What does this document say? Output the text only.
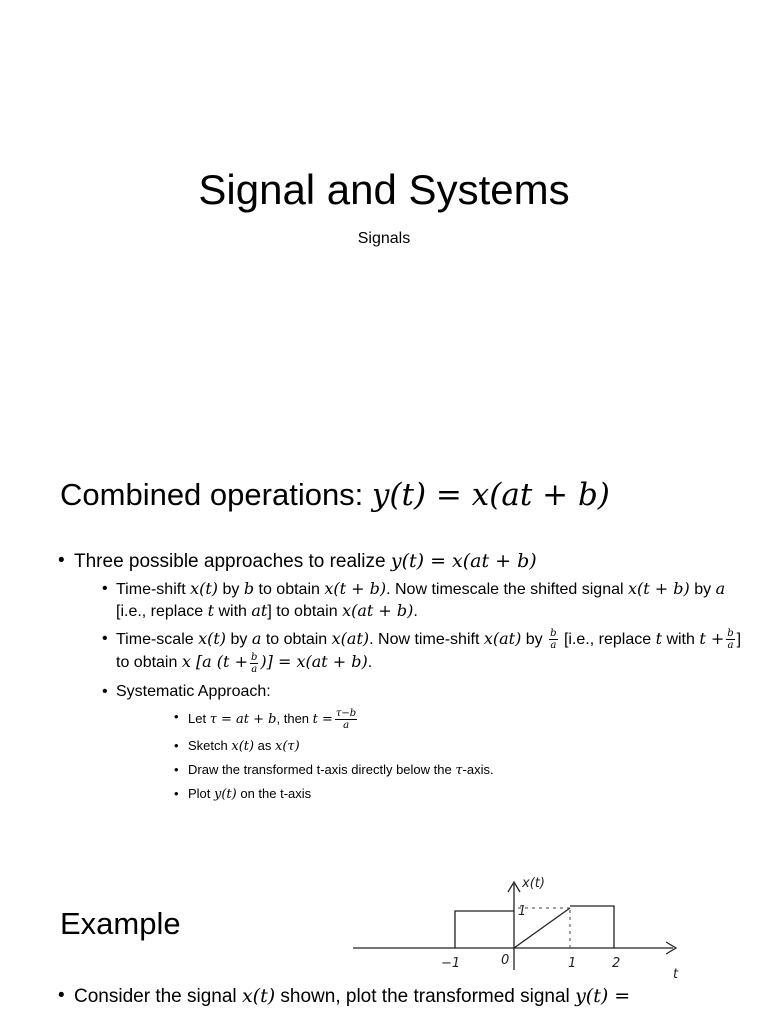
Signal and Systems
Signals
Combined operations: y(t) = x(at + b)
• Three possible approaches to realize y(t) = x(at + b)
• Time-shift x(t) by b to obtain x(t + b). Now timescale the shifted signal x(t + b) by a [i.e., replace t with at] to obtain x(at + b).
• Time-scale x(t) by a to obtain x(at). Now time-shift x(at) by $\frac{b}{a} [i.e$., replace t with $t + \frac{b}{a}$ ] to obtain x [a ($t + \frac{b}{a}$ )] = x(at + b).
• Systematic Approach:
• Let τ = at + b, then $t = \frac{\tau-b}{a}$
• Sketch x(t) as x(τ)
• Draw the transformed t-axis directly below the τ-axis.
• Plot y(t) on the t-axis
Example
x(t)
1
t
−1	0	1	2
• Consider the signal x(t) shown, plot the transformed signal y(t) =
